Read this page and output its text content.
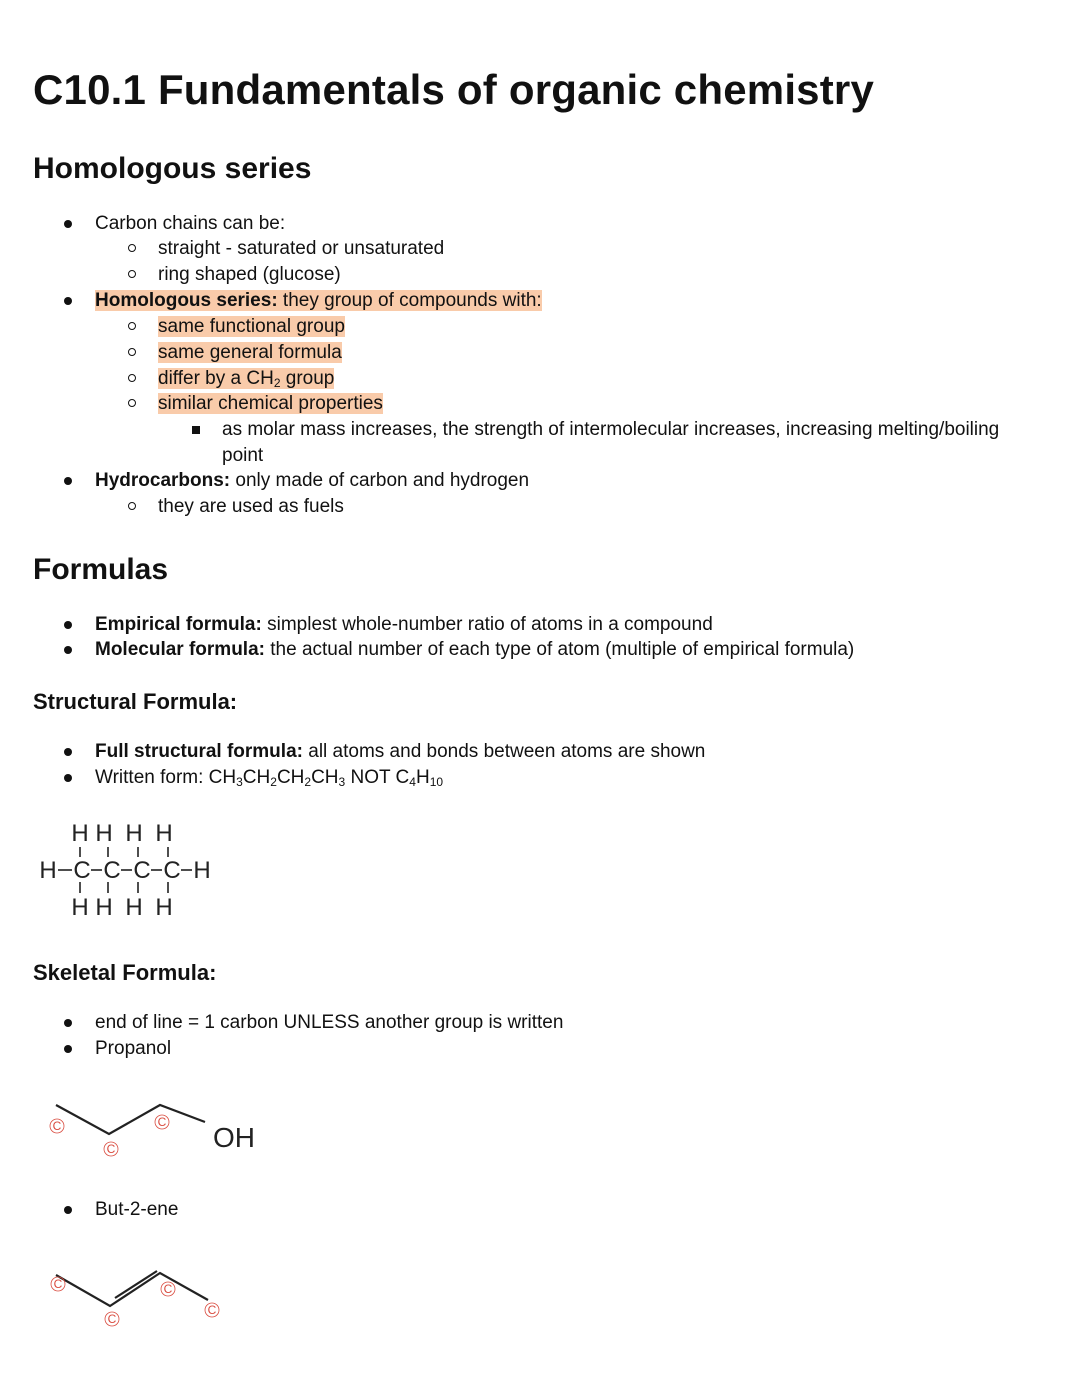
C10.1 Fundamentals of organic chemistry
Homologous series
Carbon chains can be:
straight - saturated or unsaturated
ring shaped (glucose)
Homologous series: they group of compounds with:
same functional group
same general formula
differ by a $CH_2$ group
similar chemical properties
as molar mass increases, the strength of intermolecular increases, increasing melting/boiling
point
Hydrocarbons: only made of carbon and hydrogen
they are used as fuels
Formulas
Empirical formula: simplest whole-number ratio of atoms in a compound
Molecular formula: the actual number of each type of atom (multiple of empirical formula)
Structural Formula:
Full structural formula: all atoms and bonds between atoms are shown
Written form: $CH_3CH_2CH_2CH_3$ NOT $C_4H_{10}$
H H H H
H C C C C H
H H H H
Skeletal Formula:
end of line = 1 carbon UNLESS another group is written
Propanol
C
C
C OH
But-2-ene
C
C
C
C
